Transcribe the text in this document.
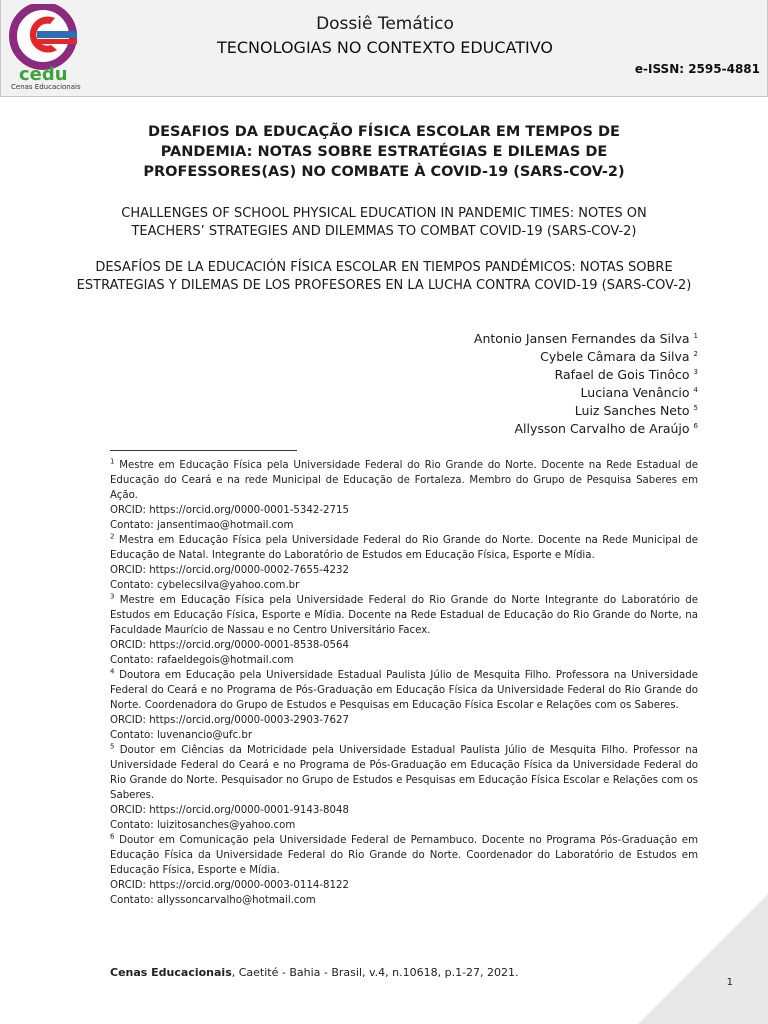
cedu
Cenas Educacionais
Dossiê Temático
TECNOLOGIAS NO CONTEXTO EDUCATIVO
e-ISSN: 2595-4881
DESAFIOS DA EDUCAÇÃO FÍSICA ESCOLAR EM TEMPOS DE PANDEMIA: NOTAS SOBRE ESTRATÉGIAS E DILEMAS DE PROFESSORES(AS) NO COMBATE À COVID-19 (SARS-COV-2)
CHALLENGES OF SCHOOL PHYSICAL EDUCATION IN PANDEMIC TIMES: NOTES ON TEACHERS’ STRATEGIES AND DILEMMAS TO COMBAT COVID-19 (SARS-COV-2)
DESAFÍOS DE LA EDUCACIÓN FÍSICA ESCOLAR EN TIEMPOS PANDÉMICOS: NOTAS SOBRE ESTRATEGIAS Y DILEMAS DE LOS PROFESORES EN LA LUCHA CONTRA COVID-19 (SARS-COV-2)
Antonio Jansen Fernandes da Silva $^1$
Cybele Câmara da Silva $^2$
Rafael de Gois Tinôco $^3$
Luciana Venâncio $^4$
Luiz Sanches Neto $^5$
Allysson Carvalho de Araújo $^6$
$^1$ Mestre em Educação Física pela Universidade Federal do Rio Grande do Norte. Docente na Rede Estadual de Educação do Ceará e na rede Municipal de Educação de Fortaleza. Membro do Grupo de Pesquisa Saberes em Ação.
ORCID: https://orcid.org/0000-0001-5342-2715
Contato: jansentimao@hotmail.com
$^2$ Mestra em Educação Física pela Universidade Federal do Rio Grande do Norte. Docente na Rede Municipal de Educação de Natal. Integrante do Laboratório de Estudos em Educação Física, Esporte e Mídia.
ORCID: https://orcid.org/0000-0002-7655-4232
Contato: cybelecsilva@yahoo.com.br
$^3$ Mestre em Educação Física pela Universidade Federal do Rio Grande do Norte Integrante do Laboratório de Estudos em Educação Física, Esporte e Mídia. Docente na Rede Estadual de Educação do Rio Grande do Norte, na Faculdade Maurício de Nassau e no Centro Universitário Facex.
ORCID: https://orcid.org/0000-0001-8538-0564
Contato: rafaeldegois@hotmail.com
$^4$ Doutora em Educação pela Universidade Estadual Paulista Júlio de Mesquita Filho. Professora na Universidade Federal do Ceará e no Programa de Pós-Graduação em Educação Física da Universidade Federal do Rio Grande do Norte. Coordenadora do Grupo de Estudos e Pesquisas em Educação Física Escolar e Relações com os Saberes.
ORCID: https://orcid.org/0000-0003-2903-7627
Contato: luvenancio@ufc.br
$^5$ Doutor em Ciências da Motricidade pela Universidade Estadual Paulista Júlio de Mesquita Filho. Professor na Universidade Federal do Ceará e no Programa de Pós-Graduação em Educação Física da Universidade Federal do Rio Grande do Norte. Pesquisador no Grupo de Estudos e Pesquisas em Educação Física Escolar e Relações com os Saberes.
ORCID: https://orcid.org/0000-0001-9143-8048
Contato: luizitosanches@yahoo.com
$^6$ Doutor em Comunicação pela Universidade Federal de Pernambuco. Docente no Programa Pós-Graduação em Educação Física da Universidade Federal do Rio Grande do Norte. Coordenador do Laboratório de Estudos em Educação Física, Esporte e Mídia.
ORCID: https://orcid.org/0000-0003-0114-8122
Contato: allyssoncarvalho@hotmail.com
Cenas Educacionais, Caetité - Bahia - Brasil, v.4, n.10618, p.1-27, 2021.
1
